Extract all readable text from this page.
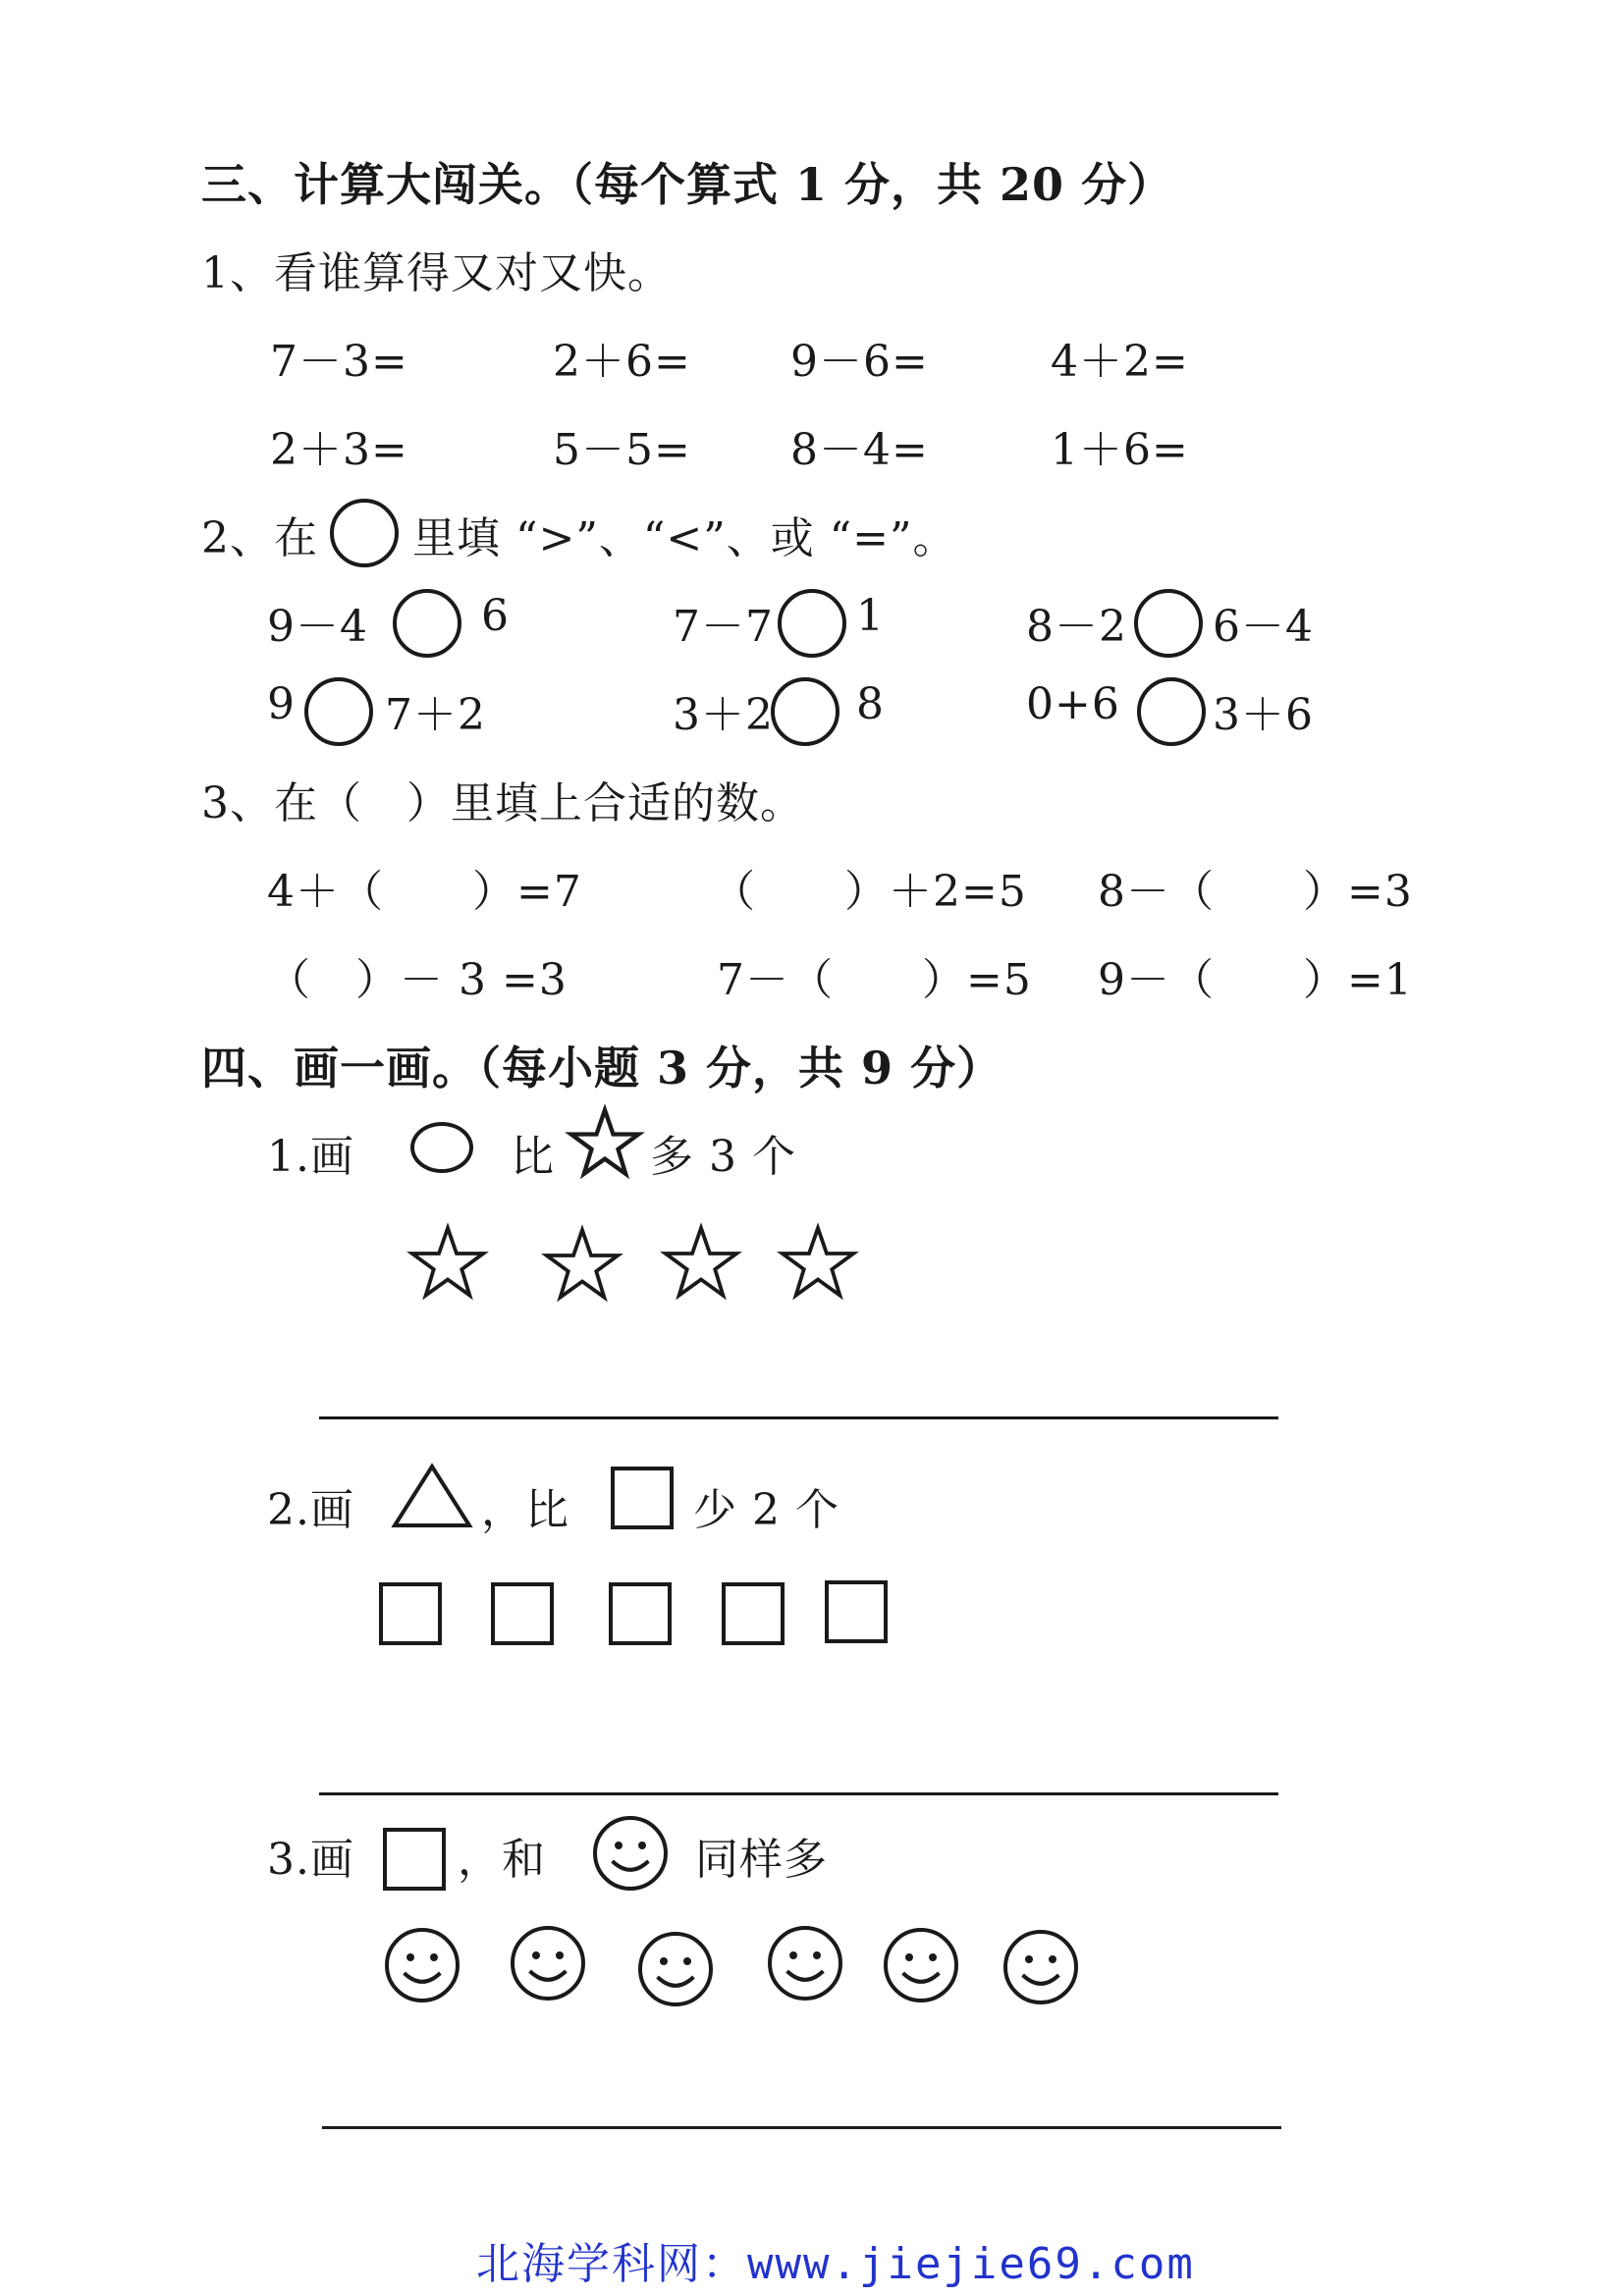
三、计算大闯关。（每个算式 1 分，共 20 分）
1、看谁算得又对又快。
7－3=	2＋6= 9－6=	4＋2=
2＋3=	5－5= 8－4=	1＋6=
2、在 里填 “>”、“<”、或 “=”。
9－4	6	7－7 1	8－2 6－4
9 7＋2	3＋2 8	0+6 3＋6
3、在（　）里填上合适的数。
4＋（　　）=7	（　　）＋2=5 8－（　　）=3
（　）－ 3 =3	7－（　　）=5 9－（　　）=1
四、画一画。（每小题 3 分，共 9 分）
1.画	比 多 3 个
2.画	，比	少 2 个
3.画 ，和	同样多
北海学科网：www.jiejie69.com
